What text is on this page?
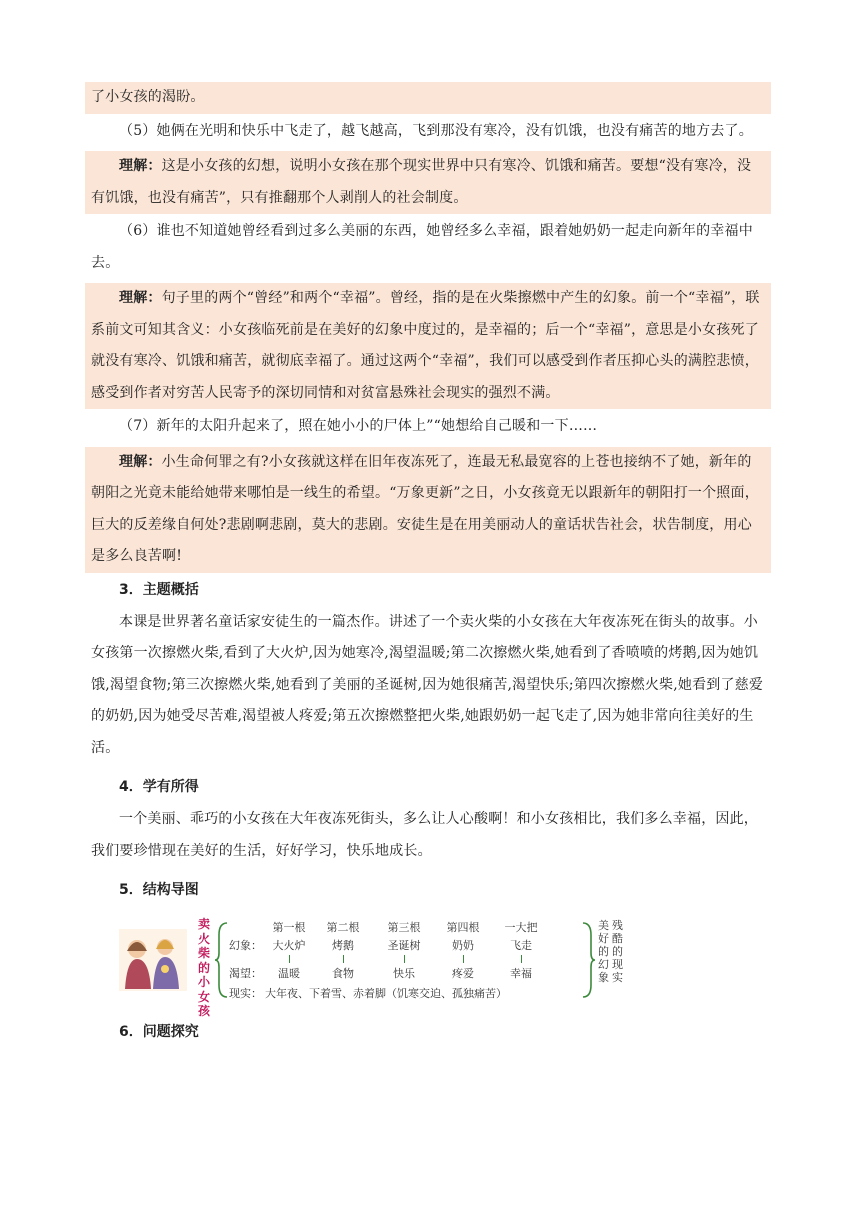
了小女孩的渴盼。

（5）她俩在光明和快乐中飞走了，越飞越高，飞到那没有寒冷，没有饥饿，也没有痛苦的地方去了。

理解：这是小女孩的幻想，说明小女孩在那个现实世界中只有寒冷、饥饿和痛苦。要想“没有寒冷，没有饥饿，也没有痛苦”，只有推翻那个人剥削人的社会制度。

（6）谁也不知道她曾经看到过多么美丽的东西，她曾经多么幸福，跟着她奶奶一起走向新年的幸福中去。

理解：句子里的两个“曾经”和两个“幸福”。曾经，指的是在火柴擦燃中产生的幻象。前一个“幸福”，联系前文可知其含义：小女孩临死前是在美好的幻象中度过的，是幸福的；后一个“幸福”，意思是小女孩死了就没有寒冷、饥饿和痛苦，就彻底幸福了。通过这两个“幸福”，我们可以感受到作者压抑心头的满腔悲愤，感受到作者对穷苦人民寄予的深切同情和对贫富悬殊社会现实的强烈不满。

（7）新年的太阳升起来了，照在她小小的尸体上”“她想给自己暖和一下……

理解：小生命何罪之有?小女孩就这样在旧年夜冻死了，连最无私最宽容的上苍也接纳不了她，新年的朝阳之光竟未能给她带来哪怕是一线生的希望。“万象更新”之日，小女孩竟无以跟新年的朝阳打一个照面，巨大的反差缘自何处?悲剧啊悲剧，莫大的悲剧。安徒生是在用美丽动人的童话状告社会，状告制度，用心是多么良苦啊!

3．主题概括

本课是世界著名童话家安徒生的一篇杰作。讲述了一个卖火柴的小女孩在大年夜冻死在街头的故事。小女孩第一次擦燃火柴,看到了大火炉,因为她寒冷,渴望温暖;第二次擦燃火柴,她看到了香喷喷的烤鹅,因为她饥饿,渴望食物;第三次擦燃火柴,她看到了美丽的圣诞树,因为她很痛苦,渴望快乐;第四次擦燃火柴,她看到了慈爱的奶奶,因为她受尽苦难,渴望被人疼爱;第五次擦燃整把火柴,她跟奶奶一起飞走了,因为她非常向往美好的生活。

4．学有所得

一个美丽、乖巧的小女孩在大年夜冻死街头，多么让人心酸啊！和小女孩相比，我们多么幸福，因此，我们要珍惜现在美好的生活，好好学习，快乐地成长。

5．结构导图
卖火柴的小女孩
第一根	第二根	第三根	第四根	一大把
幻象： 大火炉	烤鹅	圣诞树	奶奶	飞走
渴望：	温暖	食物	快乐	疼爱	幸福
现实： 大年夜、下着雪、赤着脚（饥寒交迫、孤独痛苦）
残酷的现实
美好的幻象
6．问题探究
